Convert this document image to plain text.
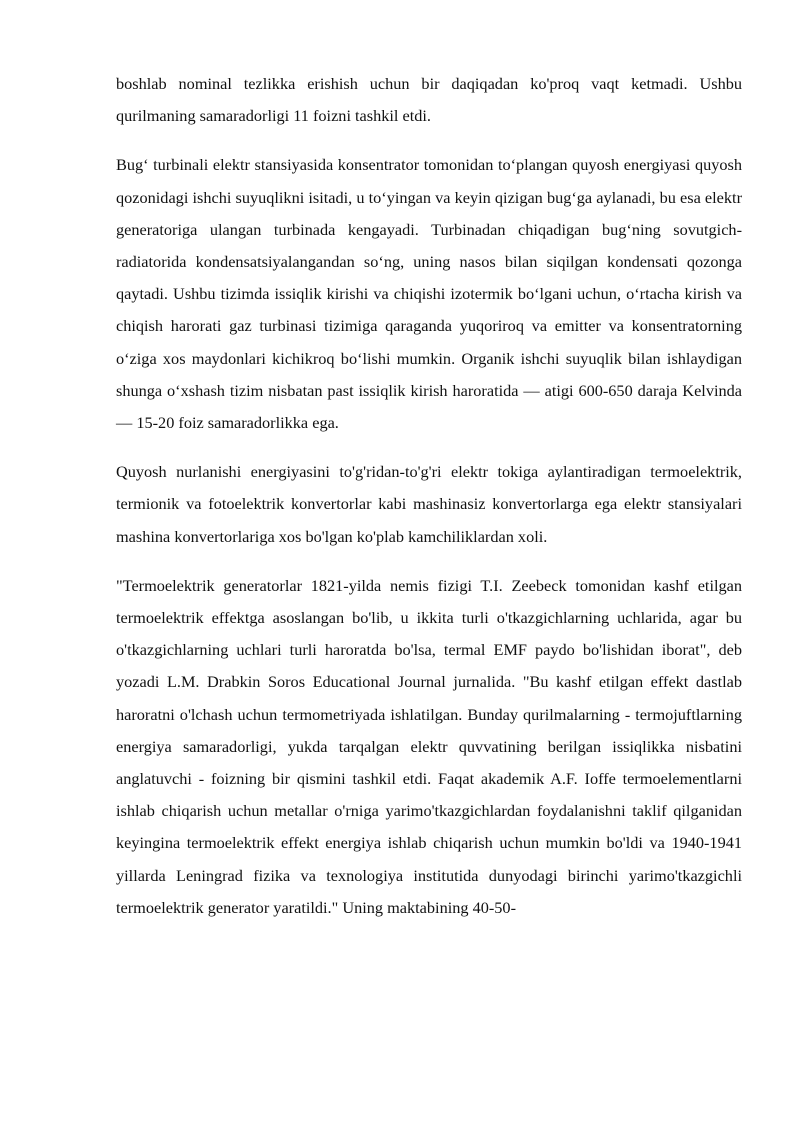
boshlab nominal tezlikka erishish uchun bir daqiqadan ko'proq vaqt ketmadi. Ushbu qurilmaning samaradorligi 11 foizni tashkil etdi.

Bug‘ turbinali elektr stansiyasida konsentrator tomonidan to‘plangan quyosh energiyasi quyosh qozonidagi ishchi suyuqlikni isitadi, u to‘yingan va keyin qizigan bug‘ga aylanadi, bu esa elektr generatoriga ulangan turbinada kengayadi. Turbinadan chiqadigan bug‘ning sovutgich-radiatorida kondensatsiyalangandan so‘ng, uning nasos bilan siqilgan kondensati qozonga qaytadi. Ushbu tizimda issiqlik kirishi va chiqishi izotermik bo‘lgani uchun, o‘rtacha kirish va chiqish harorati gaz turbinasi tizimiga qaraganda yuqoriroq va emitter va konsentratorning o‘ziga xos maydonlari kichikroq bo‘lishi mumkin. Organik ishchi suyuqlik bilan ishlaydigan shunga o‘xshash tizim nisbatan past issiqlik kirish haroratida — atigi 600-650 daraja Kelvinda — 15-20 foiz samaradorlikka ega.

Quyosh nurlanishi energiyasini to'g'ridan-to'g'ri elektr tokiga aylantiradigan termoelektrik, termionik va fotoelektrik konvertorlar kabi mashinasiz konvertorlarga ega elektr stansiyalari mashina konvertorlariga xos bo'lgan ko'plab kamchiliklardan xoli.

"Termoelektrik generatorlar 1821-yilda nemis fizigi T.I. Zeebeck tomonidan kashf etilgan termoelektrik effektga asoslangan bo'lib, u ikkita turli o'tkazgichlarning uchlarida, agar bu o'tkazgichlarning uchlari turli haroratda bo'lsa, termal EMF paydo bo'lishidan iborat", deb yozadi L.M. Drabkin Soros Educational Journal jurnalida. "Bu kashf etilgan effekt dastlab haroratni o'lchash uchun termometriyada ishlatilgan. Bunday qurilmalarning - termojuftlarning energiya samaradorligi, yukda tarqalgan elektr quvvatining berilgan issiqlikka nisbatini anglatuvchi - foizning bir qismini tashkil etdi. Faqat akademik A.F. Ioffe termoelementlarni ishlab chiqarish uchun metallar o'rniga yarimo'tkazgichlardan foydalanishni taklif qilganidan keyingina termoelektrik effekt energiya ishlab chiqarish uchun mumkin bo'ldi va 1940-1941 yillarda Leningrad fizika va texnologiya institutida dunyodagi birinchi yarimo'tkazgichli termoelektrik generator yaratildi." Uning maktabining 40-50-
